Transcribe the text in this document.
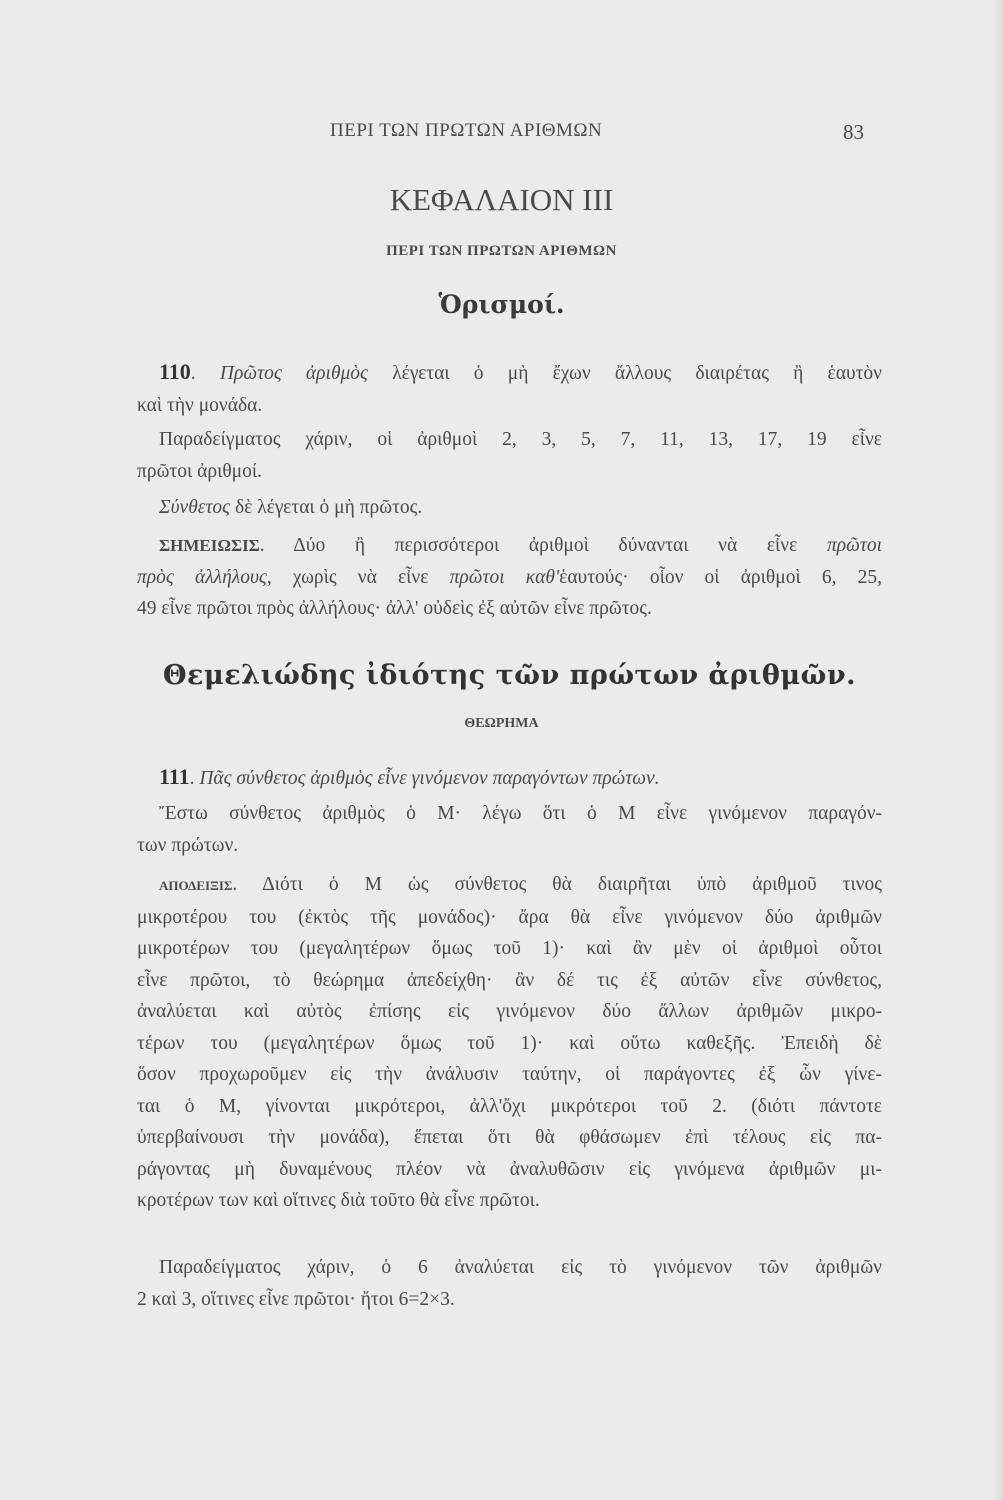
ΠΕΡΙ ΤΩΝ ΠΡΩΤΩΝ ΑΡΙΘΜΩΝ	83
ΚΕΦΑΛΑΙΟΝ III
ΠΕΡΙ ΤΩΝ ΠΡΩΤΩΝ ΑΡΙΘΜΩΝ
Ὁρισμοί.
Θεμελιώδης ἰδιότης τῶν πρώτων ἀριθμῶν.
ΘΕΩΡΗΜΑ
110. Πρῶτος ἀριθμὸς λέγεται ὁ μὴ ἔχων ἄλλους διαιρέτας ἢ ἑαυτὸν
καὶ τὴν μονάδα.
Παραδείγματος χάριν, οἱ ἀριθμοὶ 2, 3, 5, 7, 11, 13, 17, 19 εἶνε
πρῶτοι ἀριθμοί.
Σύνθετος δὲ λέγεται ὁ μὴ πρῶτος.
ΣΗΜΕΙΩΣΙΣ. Δύο ἢ περισσότεροι ἀριθμοὶ δύνανται νὰ εἶνε πρῶτοι
πρὸς ἀλλήλους, χωρὶς νὰ εἶνε πρῶτοι καθ'ἑαυτούς· οἷον οἱ ἀριθμοὶ 6, 25,
49 εἶνε πρῶτοι πρὸς ἀλλήλους· ἀλλ' οὐδεὶς ἐξ αὐτῶν εἶνε πρῶτος.
111. Πᾶς σύνθετος ἀριθμὸς εἶνε γινόμενον παραγόντων πρώτων.
Ἔστω σύνθετος ἀριθμὸς ὁ Μ· λέγω ὅτι ὁ Μ εἶνε γινόμενον παραγόν-
των πρώτων.
ΑΠΟΔΕΙΞΙΣ. Διότι ὁ Μ ὡς σύνθετος θὰ διαιρῆται ὑπὸ ἀριθμοῦ τινος
μικροτέρου του (ἐκτὸς τῆς μονάδος)· ἄρα θὰ εἶνε γινόμενον δύο ἀριθμῶν
μικροτέρων του (μεγαλητέρων ὅμως τοῦ 1)· καὶ ἂν μὲν οἱ ἀριθμοὶ οὗτοι
εἶνε πρῶτοι, τὸ θεώρημα ἀπεδείχθη· ἂν δέ τις ἐξ αὐτῶν εἶνε σύνθετος,
ἀναλύεται καὶ αὐτὸς ἐπίσης εἰς γινόμενον δύο ἄλλων ἀριθμῶν μικρο-
τέρων του (μεγαλητέρων ὅμως τοῦ 1)· καὶ οὕτω καθεξῆς. Ἐπειδὴ δὲ
ὅσον προχωροῦμεν εἰς τὴν ἀνάλυσιν ταύτην, οἱ παράγοντες ἐξ ὧν γίνε-
ται ὁ Μ, γίνονται μικρότεροι, ἀλλ'ὄχι μικρότεροι τοῦ 2. (διότι πάντοτε
ὑπερβαίνουσι τὴν μονάδα), ἕπεται ὅτι θὰ φθάσωμεν ἐπὶ τέλους εἰς πα-
ράγοντας μὴ δυναμένους πλέον νὰ ἀναλυθῶσιν εἰς γινόμενα ἀριθμῶν μι-
κροτέρων των καὶ οἵτινες διὰ τοῦτο θὰ εἶνε πρῶτοι.
Παραδείγματος χάριν, ὁ 6 ἀναλύεται εἰς τὸ γινόμενον τῶν ἀριθμῶν
2 καὶ 3, οἵτινες εἶνε πρῶτοι· ἤτοι 6=2×3.
